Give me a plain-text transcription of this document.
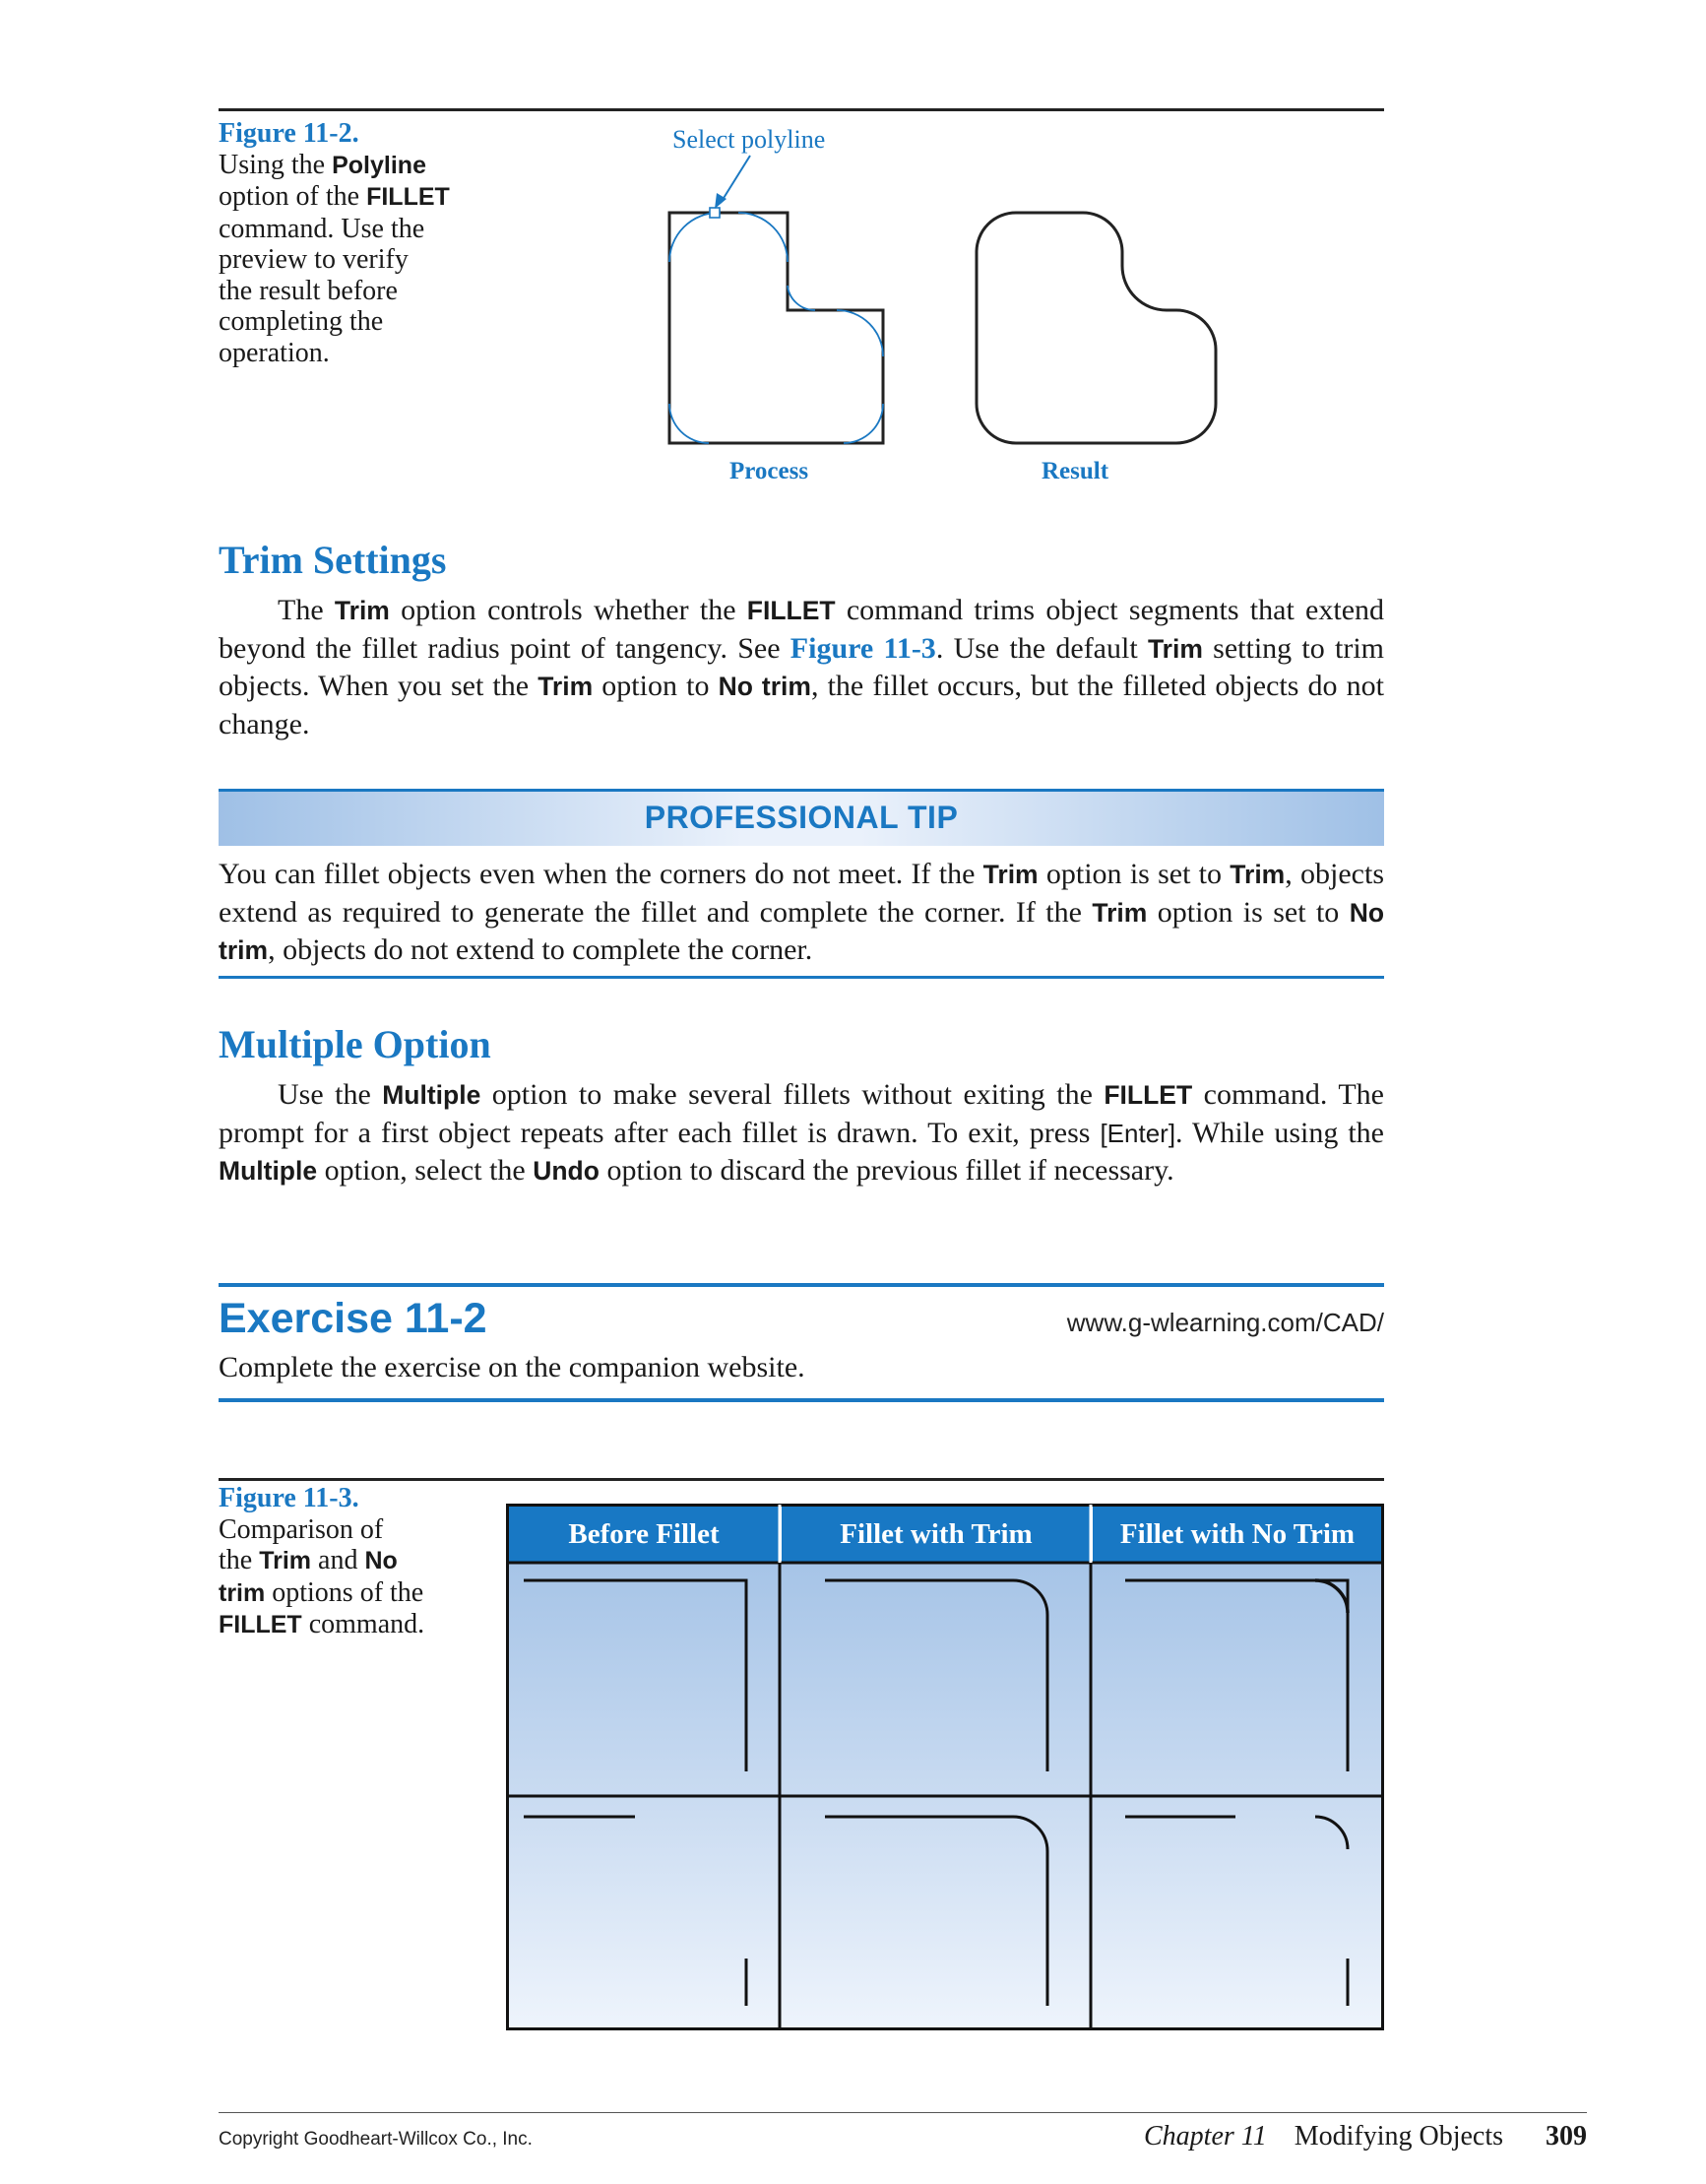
Figure 11-2.
Using the Polyline
option of the FILLET
command. Use the
preview to verify
the result before
completing the
operation.
Select polyline
Process	Result
Trim Settings

The Trim option controls whether the FILLET command trims object segments that extend beyond the fillet radius point of tangency. See Figure 11-3. Use the default Trim setting to trim objects. When you set the Trim option to No trim, the fillet occurs, but the filleted objects do not change.

PROFESSIONAL TIP

You can fillet objects even when the corners do not meet. If the Trim option is set to Trim, objects extend as required to generate the fillet and complete the corner. If the Trim option is set to No trim, objects do not extend to complete the corner.

Multiple Option

Use the Multiple option to make several fillets without exiting the FILLET command. The prompt for a first object repeats after each fillet is drawn. To exit, press [Enter]. While using the Multiple option, select the Undo option to discard the previous fillet if necessary.

Exercise 11-2	www.g-wlearning.com/CAD/
Complete the exercise on the companion website.
Figure 11-3.
Comparison of
the Trim and No
trim options of the
FILLET command.
Before Fillet	Fillet with Trim	Fillet with No Trim
Copyright Goodheart-Willcox Co., Inc.	Chapter 11 Modifying Objects 309
